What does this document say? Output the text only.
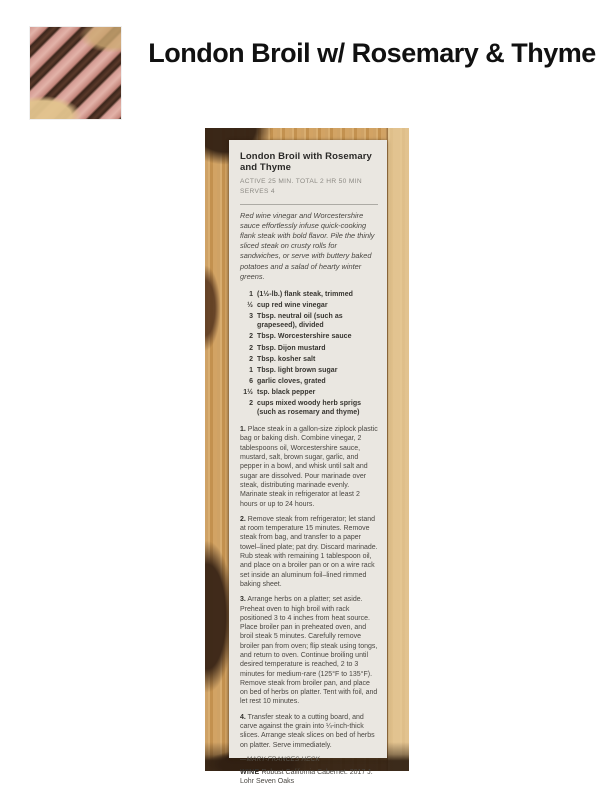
London Broil w/ Rosemary & Thyme
London Broil with Rosemary and Thyme
ACTIVE 25 MIN. TOTAL 2 HR 50 MIN
SERVES 4

Red wine vinegar and Worcestershire sauce effortlessly infuse quick-cooking flank steak with bold flavor. Pile the thinly sliced steak on crusty rolls for sandwiches, or serve with buttery baked potatoes and a salad of hearty winter greens.

1 (1½-lb.) flank steak, trimmed
½ cup red wine vinegar
3 Tbsp. neutral oil (such as grapeseed), divided
2 Tbsp. Worcestershire sauce
2 Tbsp. Dijon mustard
2 Tbsp. kosher salt
1 Tbsp. light brown sugar
6 garlic cloves, grated
1½ tsp. black pepper
2 cups mixed woody herb sprigs (such as rosemary and thyme)

1. Place steak in a gallon-size ziplock plastic bag or baking dish. Combine vinegar, 2 tablespoons oil, Worcestershire sauce, mustard, salt, brown sugar, garlic, and pepper in a bowl, and whisk until salt and sugar are dissolved. Pour marinade over steak, distributing marinade evenly. Marinate steak in refrigerator at least 2 hours or up to 24 hours.

2. Remove steak from refrigerator; let stand at room temperature 15 minutes. Remove steak from bag, and transfer to a paper towel–lined plate; pat dry. Discard marinade. Rub steak with remaining 1 tablespoon oil, and place on a broiler pan or on a wire rack set inside an aluminum foil–lined rimmed baking sheet.

3. Arrange herbs on a platter; set aside. Preheat oven to high broil with rack positioned 3 to 4 inches from heat source. Place broiler pan in preheated oven, and broil steak 5 minutes. Carefully remove broiler pan from oven; flip steak using tongs, and return to oven. Continue broiling until desired temperature is reached, 2 to 3 minutes for medium-rare (125°F to 135°F). Remove steak from broiler pan, and place on bed of herbs on platter. Tent with foil, and let rest 10 minutes.

4. Transfer steak to a cutting board, and carve against the grain into ¼-inch-thick slices. Arrange steak slices on bed of herbs on platter. Serve immediately.

—MARY-FRANCES HECK

WINE Robust California Cabernet: 2017 J. Lohr Seven Oaks
